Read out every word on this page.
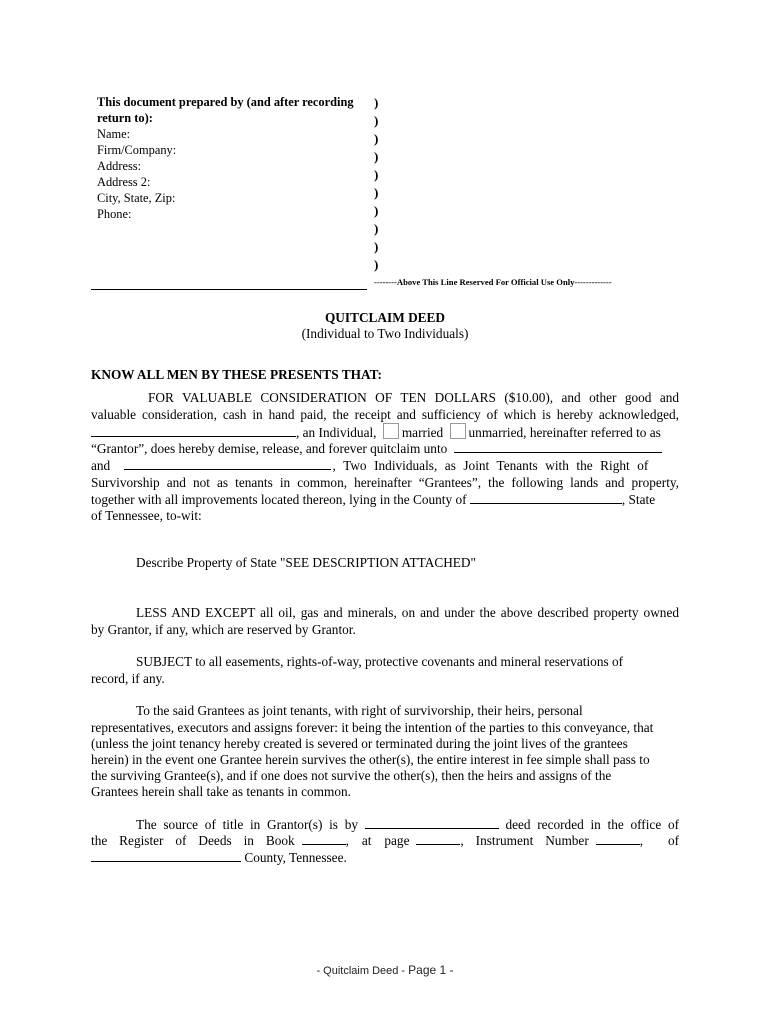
This document prepared by (and after recording
return to):
Name:
Firm/Company:
Address:
Address 2:
City, State, Zip:
Phone:
)
)
)
)
)
)
)
)
)
)
--------Above This Line Reserved For Official Use Only-------------
QUITCLAIM DEED
(Individual to Two Individuals)
KNOW ALL MEN BY THESE PRESENTS THAT:
FOR VALUABLE CONSIDERATION OF TEN DOLLARS ($10.00), and other good and
valuable consideration, cash in hand paid, the receipt and sufficiency of which is hereby acknowledged,
, an Individual, married unmarried, hereinafter referred to as
“Grantor”, does hereby demise, release, and forever quitclaim unto
and	, Two Individuals, as Joint Tenants with the Right of
Survivorship and not as tenants in common, hereinafter “Grantees”, the following lands and property,
together with all improvements located thereon, lying in the County of	, State
of Tennessee, to-wit:
Describe Property of State "SEE DESCRIPTION ATTACHED"
LESS AND EXCEPT all oil, gas and minerals, on and under the above described property owned
by Grantor, if any, which are reserved by Grantor.
SUBJECT to all easements, rights-of-way, protective covenants and mineral reservations of
record, if any.
To the said Grantees as joint tenants, with right of survivorship, their heirs, personal
representatives, executors and assigns forever: it being the intention of the parties to this conveyance, that
(unless the joint tenancy hereby created is severed or terminated during the joint lives of the grantees
herein) in the event one Grantee herein survives the other(s), the entire interest in fee simple shall pass to
the surviving Grantee(s), and if one does not survive the other(s), then the heirs and assigns of the
Grantees herein shall take as tenants in common.
The source of title in Grantor(s) is by	deed recorded in the office of
the Register of Deeds in Book	, at page	, Instrument Number	, of
County, Tennessee.
- Quitclaim Deed - Page 1 -
